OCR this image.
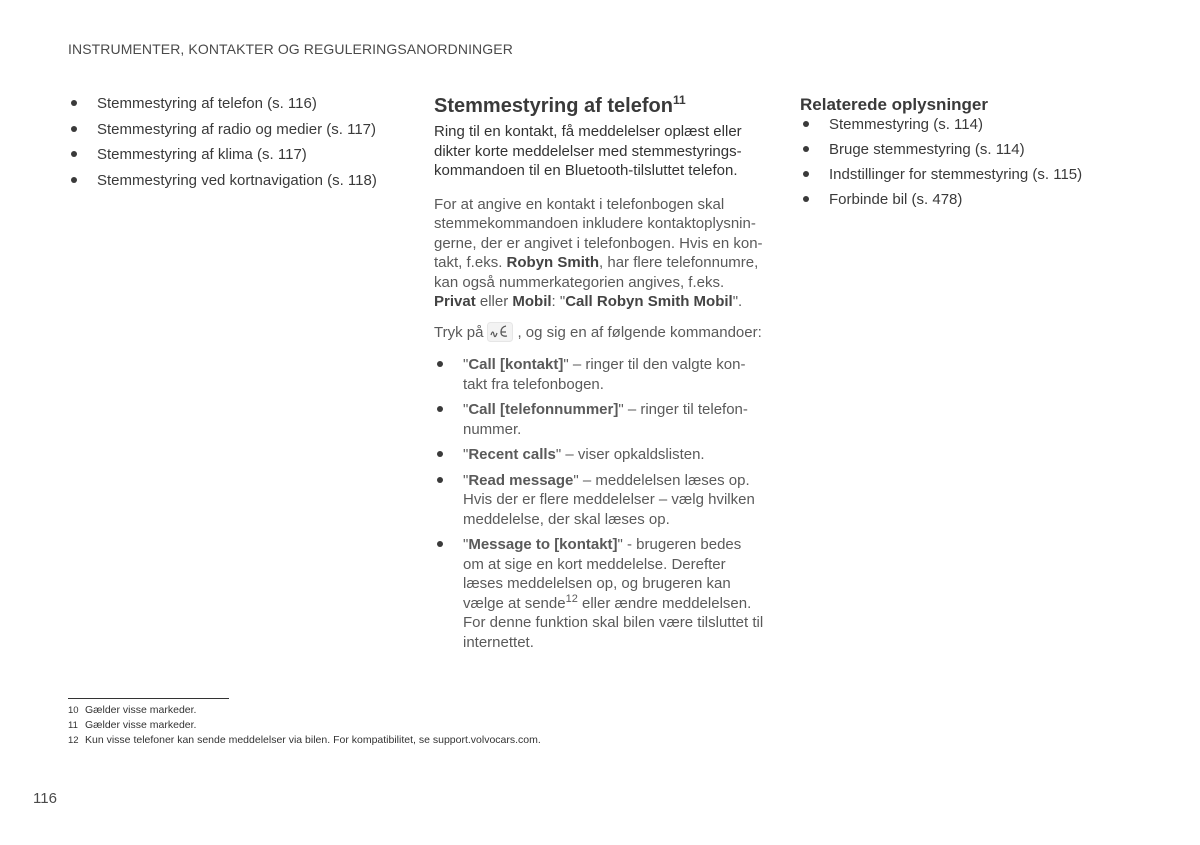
INSTRUMENTER, KONTAKTER OG REGULERINGSANORDNINGER
Stemmestyring af telefon (s. 116)
Stemmestyring af radio og medier (s. 117)
Stemmestyring af klima (s. 117)
Stemmestyring ved kortnavigation (s. 118)
Stemmestyring af telefon$^{11}$

Ring til en kontakt, få meddelelser oplæst eller dikter korte meddelelser med stemmestyringskommandoen til en Bluetooth-tilsluttet telefon.

For at angive en kontakt i telefonbogen skal stemmekommandoen inkludere kontaktoplysningerne, der er angivet i telefonbogen. Hvis en kontakt, f.eks. Robyn Smith, har flere telefonnumre, kan også nummerkategorien angives, f.eks. Privat eller Mobil: "Call Robyn Smith Mobil".

Tryk på , og sig en af følgende kommandoer:

"Call [kontakt]" – ringer til den valgte kontakt fra telefonbogen.
"Call [telefonnummer]" – ringer til telefonnummer.
"Recent calls" – viser opkaldslisten.
"Read message" – meddelelsen læses op. Hvis der er flere meddelelser – vælg hvilken meddelelse, der skal læses op.
"Message to [kontakt]" - brugeren bedes om at sige en kort meddelelse. Derefter læses meddelelsen op, og brugeren kan vælge at sende$^{12}$ eller ændre meddelelsen. For denne funktion skal bilen være tilsluttet til internettet.
Relaterede oplysninger
Stemmestyring (s. 114)
Bruge stemmestyring (s. 114)
Indstillinger for stemmestyring (s. 115)
Forbinde bil (s. 478)
10 Gælder visse markeder.
11 Gælder visse markeder.
12 Kun visse telefoner kan sende meddelelser via bilen. For kompatibilitet, se support.volvocars.com.
116
